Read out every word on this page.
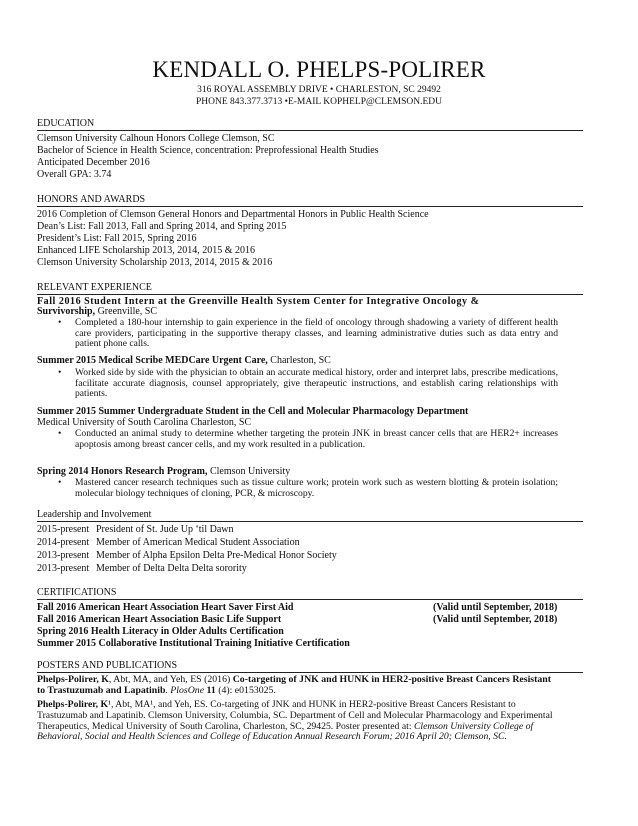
KENDALL O. PHELPS-POLIRER
316 ROYAL ASSEMBLY DRIVE • CHARLESTON, SC 29492
PHONE 843.377.3713 •E-MAIL KOPHELP@CLEMSON.EDU
EDUCATION
Clemson University Calhoun Honors College Clemson, SC
Bachelor of Science in Health Science, concentration: Preprofessional Health Studies
Anticipated December 2016
Overall GPA: 3.74
HONORS AND AWARDS
2016 Completion of Clemson General Honors and Departmental Honors in Public Health Science
Dean’s List: Fall 2013, Fall and Spring 2014, and Spring 2015
President’s List: Fall 2015, Spring 2016
Enhanced LIFE Scholarship 2013, 2014, 2015 & 2016
Clemson University Scholarship 2013, 2014, 2015 & 2016
RELEVANT EXPERIENCE
Fall 2016 Student Intern at the Greenville Health System Center for Integrative Oncology &
Survivorship, Greenville, SC
• Completed a 180-hour internship to gain experience in the field of oncology through shadowing a variety of different health care providers, participating in the supportive therapy classes, and learning administrative duties such as data entry and patient phone calls.
Summer 2015 Medical Scribe MEDCare Urgent Care, Charleston, SC
• Worked side by side with the physician to obtain an accurate medical history, order and interpret labs, prescribe medications, facilitate accurate diagnosis, counsel appropriately, give therapeutic instructions, and establish caring relationships with patients.
Summer 2015 Summer Undergraduate Student in the Cell and Molecular Pharmacology Department
Medical University of South Carolina Charleston, SC
• Conducted an animal study to determine whether targeting the protein JNK in breast cancer cells that are HER2+ increases apoptosis among breast cancer cells, and my work resulted in a publication.
Spring 2014 Honors Research Program, Clemson University
• Mastered cancer research techniques such as tissue culture work; protein work such as western blotting & protein isolation; molecular biology techniques of cloning, PCR, & microscopy.
Leadership and Involvement
2015-present President of St. Jude Up ‘til Dawn
2014-present Member of American Medical Student Association
2013-present Member of Alpha Epsilon Delta Pre-Medical Honor Society
2013-present Member of Delta Delta Delta sorority
CERTIFICATIONS
Fall 2016 American Heart Association Heart Saver First Aid	(Valid until September, 2018)
Fall 2016 American Heart Association Basic Life Support	(Valid until September, 2018)
Spring 2016 Health Literacy in Older Adults Certification
Summer 2015 Collaborative Institutional Training Initiative Certification
POSTERS AND PUBLICATIONS
Phelps-Polirer, K, Abt, MA, and Yeh, ES (2016) Co-targeting of JNK and HUNK in HER2-positive Breast Cancers Resistant to Trastuzumab and Lapatinib. PlosOne 11 (4): e0153025.
Phelps-Polirer, K¹, Abt, MA¹, and Yeh, ES. Co-targeting of JNK and HUNK in HER2-positive Breast Cancers Resistant to Trastuzumab and Lapatinib. Clemson University, Columbia, SC. Department of Cell and Molecular Pharmacology and Experimental Therapeutics, Medical University of South Carolina, Charleston, SC, 29425. Poster presented at: Clemson University College of Behavioral, Social and Health Sciences and College of Education Annual Research Forum; 2016 April 20; Clemson, SC.
